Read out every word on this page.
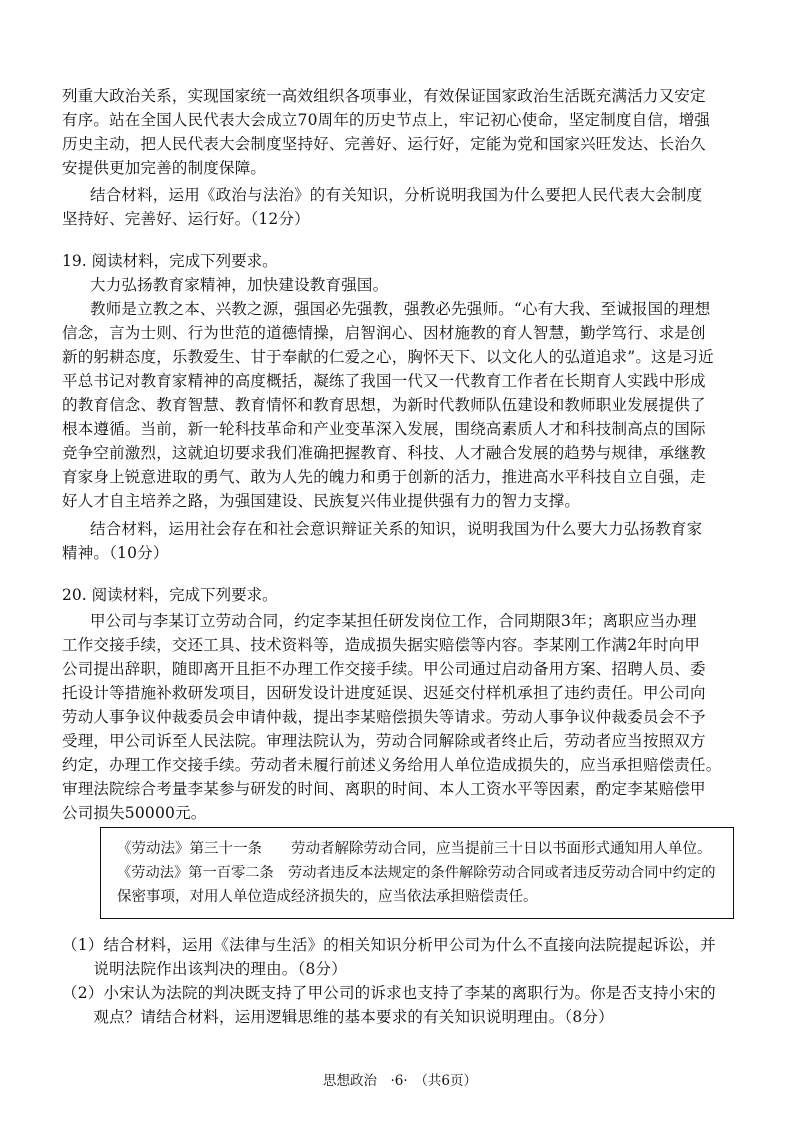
列重大政治关系，实现国家统一高效组织各项事业，有效保证国家政治生活既充满活力又安定
有序。站在全国人民代表大会成立70周年的历史节点上，牢记初心使命，坚定制度自信，增强
历史主动，把人民代表大会制度坚持好、完善好、运行好，定能为党和国家兴旺发达、长治久
安提供更加完善的制度保障。
结合材料，运用《政治与法治》的有关知识，分析说明我国为什么要把人民代表大会制度
坚持好、完善好、运行好。（12分）
19. 阅读材料，完成下列要求。
大力弘扬教育家精神，加快建设教育强国。
教师是立教之本、兴教之源，强国必先强教，强教必先强师。“心有大我、至诚报国的理想
信念，言为士则、行为世范的道德情操，启智润心、因材施教的育人智慧，勤学笃行、求是创
新的躬耕态度，乐教爱生、甘于奉献的仁爱之心，胸怀天下、以文化人的弘道追求”。这是习近
平总书记对教育家精神的高度概括，凝练了我国一代又一代教育工作者在长期育人实践中形成
的教育信念、教育智慧、教育情怀和教育思想，为新时代教师队伍建设和教师职业发展提供了
根本遵循。当前，新一轮科技革命和产业变革深入发展，围绕高素质人才和科技制高点的国际
竞争空前激烈，这就迫切要求我们准确把握教育、科技、人才融合发展的趋势与规律，承继教
育家身上锐意进取的勇气、敢为人先的魄力和勇于创新的活力，推进高水平科技自立自强，走
好人才自主培养之路，为强国建设、民族复兴伟业提供强有力的智力支撑。
结合材料，运用社会存在和社会意识辩证关系的知识，说明我国为什么要大力弘扬教育家
精神。（10分）
20. 阅读材料，完成下列要求。
甲公司与李某订立劳动合同，约定李某担任研发岗位工作，合同期限3年；离职应当办理
工作交接手续，交还工具、技术资料等，造成损失据实赔偿等内容。李某刚工作满2年时向甲
公司提出辞职，随即离开且拒不办理工作交接手续。甲公司通过启动备用方案、招聘人员、委
托设计等措施补救研发项目，因研发设计进度延误、迟延交付样机承担了违约责任。甲公司向
劳动人事争议仲裁委员会申请仲裁，提出李某赔偿损失等请求。劳动人事争议仲裁委员会不予
受理，甲公司诉至人民法院。审理法院认为，劳动合同解除或者终止后，劳动者应当按照双方
约定，办理工作交接手续。劳动者未履行前述义务给用人单位造成损失的，应当承担赔偿责任。
审理法院综合考量李某参与研发的时间、离职的时间、本人工资水平等因素，酌定李某赔偿甲
公司损失50000元。
《劳动法》第三十一条　　劳动者解除劳动合同，应当提前三十日以书面形式通知用人单位。
《劳动法》第一百零二条　劳动者违反本法规定的条件解除劳动合同或者违反劳动合同中约定的
保密事项，对用人单位造成经济损失的，应当依法承担赔偿责任。
（1）结合材料，运用《法律与生活》的相关知识分析甲公司为什么不直接向法院提起诉讼，并
　　说明法院作出该判决的理由。（8分）
（2）小宋认为法院的判决既支持了甲公司的诉求也支持了李某的离职行为。你是否支持小宋的
　　观点？请结合材料，运用逻辑思维的基本要求的有关知识说明理由。（8分）
思想政治　·6·　（共6页）
